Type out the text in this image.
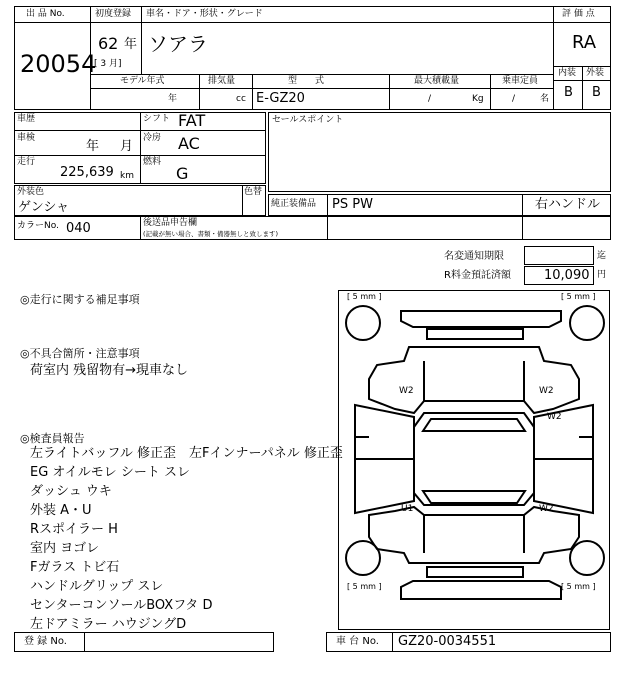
出 品 No.
20054
初度登録 車名・ドア・形状・グレード
62 年
[ 3 月]
ソアラ
モデル年式	排気量	型　　式	最大積載量	乗車定員
年	cc E-GZ20	/	Kg	/	名
評 価 点
RA
内装 外装
B B
車歴	シフト FAT
車検
年 月
冷房 AC
走行
225,639 km
燃料
G
セールスポイント
外装色
ゲンシャ
色替
純正装備品 PS PW	右ハンドル
カラーNo. 040	後送品申告欄
(記載が無い場合、書類・備器無しと致します)
名変通知期限	迄
R料金預託済額	10,090 円
◎走行に関する補足事項
◎不具合箇所・注意事項
荷室内 残留物有→現車なし
◎検査員報告
左ライトバッフル 修正歪　左Fインナーパネル 修正歪
EG オイルモレ シート スレ
ダッシュ ウキ
外装 A・U
Rスポイラー H
室内 ヨゴレ
Fガラス トビ石
ハンドルグリップ スレ
センターコンソールBOXフタ D
左ドアミラー ハウジングD
[ 5 mm ]	[ 5 mm ]
[ 5 mm ]	[ 5 mm ]
W2	W2
W2
U1	W2
登 録 No.	車 台 No. GZ20-0034551
